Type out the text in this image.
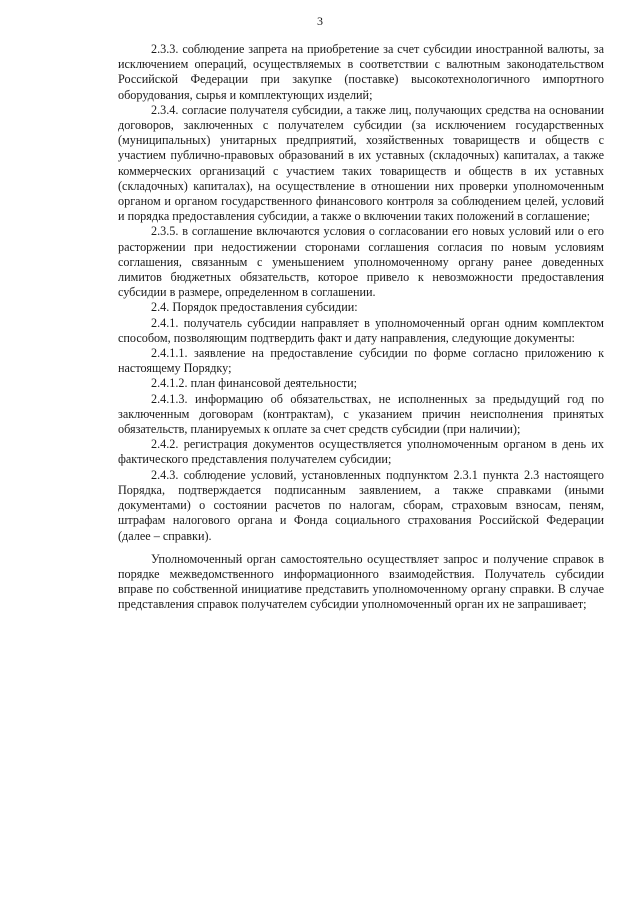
3

2.3.3. соблюдение запрета на приобретение за счет субсидии иностранной валюты, за исключением операций, осуществляемых в соответствии с валютным законодательством Российской Федерации при закупке (поставке) высокотехнологичного импортного оборудования, сырья и комплектующих изделий;

2.3.4. согласие получателя субсидии, а также лиц, получающих средства на основании договоров, заключенных с получателем субсидии (за исключением государственных (муниципальных) унитарных предприятий, хозяйственных товариществ и обществ с участием публично-правовых образований в их уставных (складочных) капиталах, а также коммерческих организаций с участием таких товариществ и обществ в их уставных (складочных) капиталах), на осуществление в отношении них проверки уполномоченным органом и органом государственного финансового контроля за соблюдением целей, условий и порядка предоставления субсидии, а также о включении таких положений в соглашение;

2.3.5. в соглашение включаются условия о согласовании его новых условий или о его расторжении при недостижении сторонами соглашения согласия по новым условиям соглашения, связанным с уменьшением уполномоченному органу ранее доведенных лимитов бюджетных обязательств, которое привело к невозможности предоставления субсидии в размере, определенном в соглашении.

2.4. Порядок предоставления субсидии:

2.4.1. получатель субсидии направляет в уполномоченный орган одним комплектом способом, позволяющим подтвердить факт и дату направления, следующие документы:

2.4.1.1. заявление на предоставление субсидии по форме согласно приложению к настоящему Порядку;

2.4.1.2. план финансовой деятельности;

2.4.1.3. информацию об обязательствах, не исполненных за предыдущий год по заключенным договорам (контрактам), с указанием причин неисполнения принятых обязательств, планируемых к оплате за счет средств субсидии (при наличии);

2.4.2. регистрация документов осуществляется уполномоченным органом в день их фактического представления получателем субсидии;

2.4.3. соблюдение условий, установленных подпунктом 2.3.1 пункта 2.3 настоящего Порядка, подтверждается подписанным заявлением, а также справками (иными документами) о состоянии расчетов по налогам, сборам, страховым взносам, пеням, штрафам налогового органа и Фонда социального страхования Российской Федерации (далее – справки).

Уполномоченный орган самостоятельно осуществляет запрос и получение справок в порядке межведомственного информационного взаимодействия. Получатель субсидии вправе по собственной инициативе представить уполномоченному органу справки. В случае представления справок получателем субсидии уполномоченный орган их не запрашивает;
